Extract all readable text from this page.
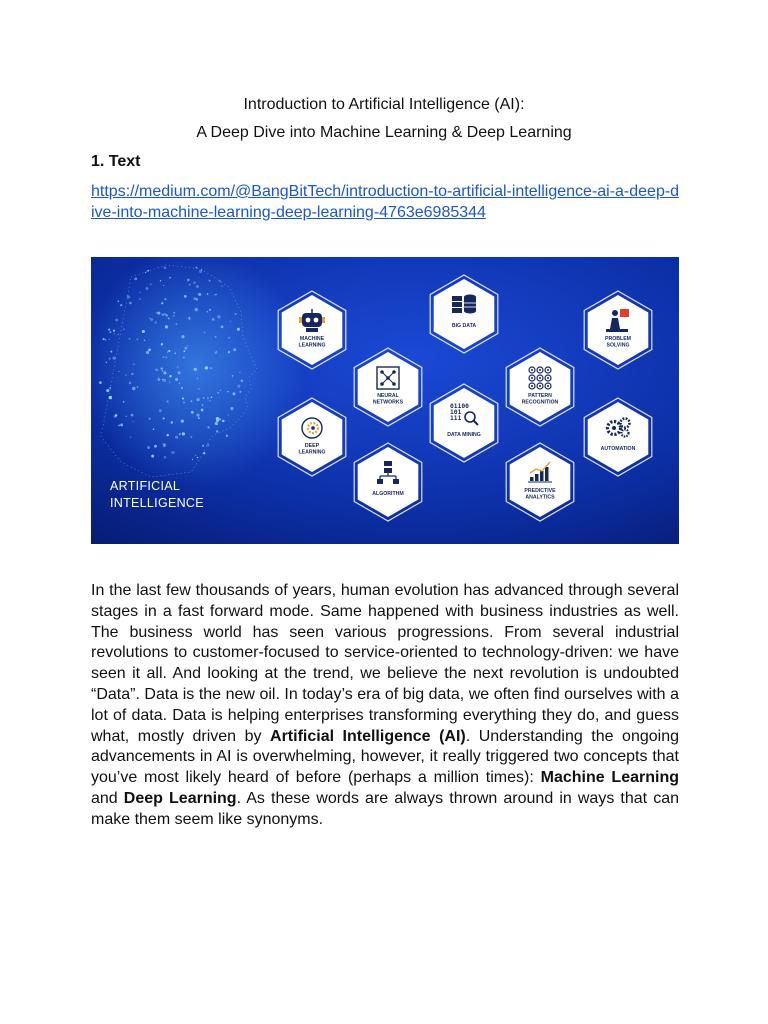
Introduction to Artificial Intelligence (AI):
A Deep Dive into Machine Learning & Deep Learning
1. Text
https://medium.com/@BangBitTech/introduction-to-artificial-intelligence-ai-a-deep-dive-into-machine-learning-deep-learning-4763e6985344
MACHINE
LEARNING
BIG DATA
PROBLEM
SOLVING
NEURAL
NETWORKS
PATTERN
RECOGNITION
DEEP
LEARNING
01100
101
111
DATA MINING
AUTOMATION
ALGORITHM	PREDICTIVE
ANALYTICS
ARTIFICIAL
INTELLIGENCE
In the last few thousands of years, human evolution has advanced through several stages in a fast forward mode. Same happened with business industries as well. The business world has seen various progressions. From several industrial revolutions to customer-focused to service-oriented to technology-driven: we have seen it all. And looking at the trend, we believe the next revolution is undoubted “Data”. Data is the new oil. In today’s era of big data, we often find ourselves with a lot of data. Data is helping enterprises transforming everything they do, and guess what, mostly driven by Artificial Intelligence (AI). Understanding the ongoing advancements in AI is overwhelming, however, it really triggered two concepts that you’ve most likely heard of before (perhaps a million times): Machine Learning and Deep Learning. As these words are always thrown around in ways that can make them seem like synonyms.
